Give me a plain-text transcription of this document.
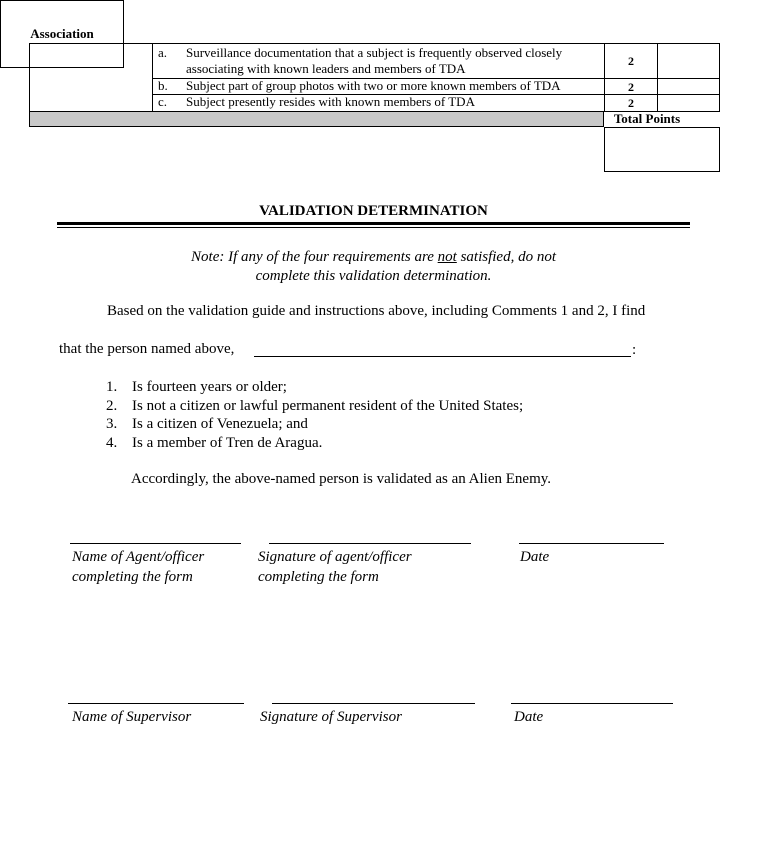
Association
a.	Surveillance documentation that a subject is frequently observed closely
associating with known leaders and members of TDA	2
b.	Subject part of group photos with two or more known members of TDA	2
c.	Subject presently resides with known members of TDA	2
Total Points
VALIDATION DETERMINATION
Note: If any of the four requirements are not satisfied, do not
complete this validation determination.
Based on the validation guide and instructions above, including Comments 1 and 2, I find
that the person named above,	:
1. Is fourteen years or older;
2. Is not a citizen or lawful permanent resident of the United States;
3. Is a citizen of Venezuela; and
4. Is a member of Tren de Aragua.
Accordingly, the above-named person is validated as an Alien Enemy.
Name of Agent/officer
completing the form
Signature of agent/officer
completing the form
Date
Name of Supervisor	Signature of Supervisor	Date
